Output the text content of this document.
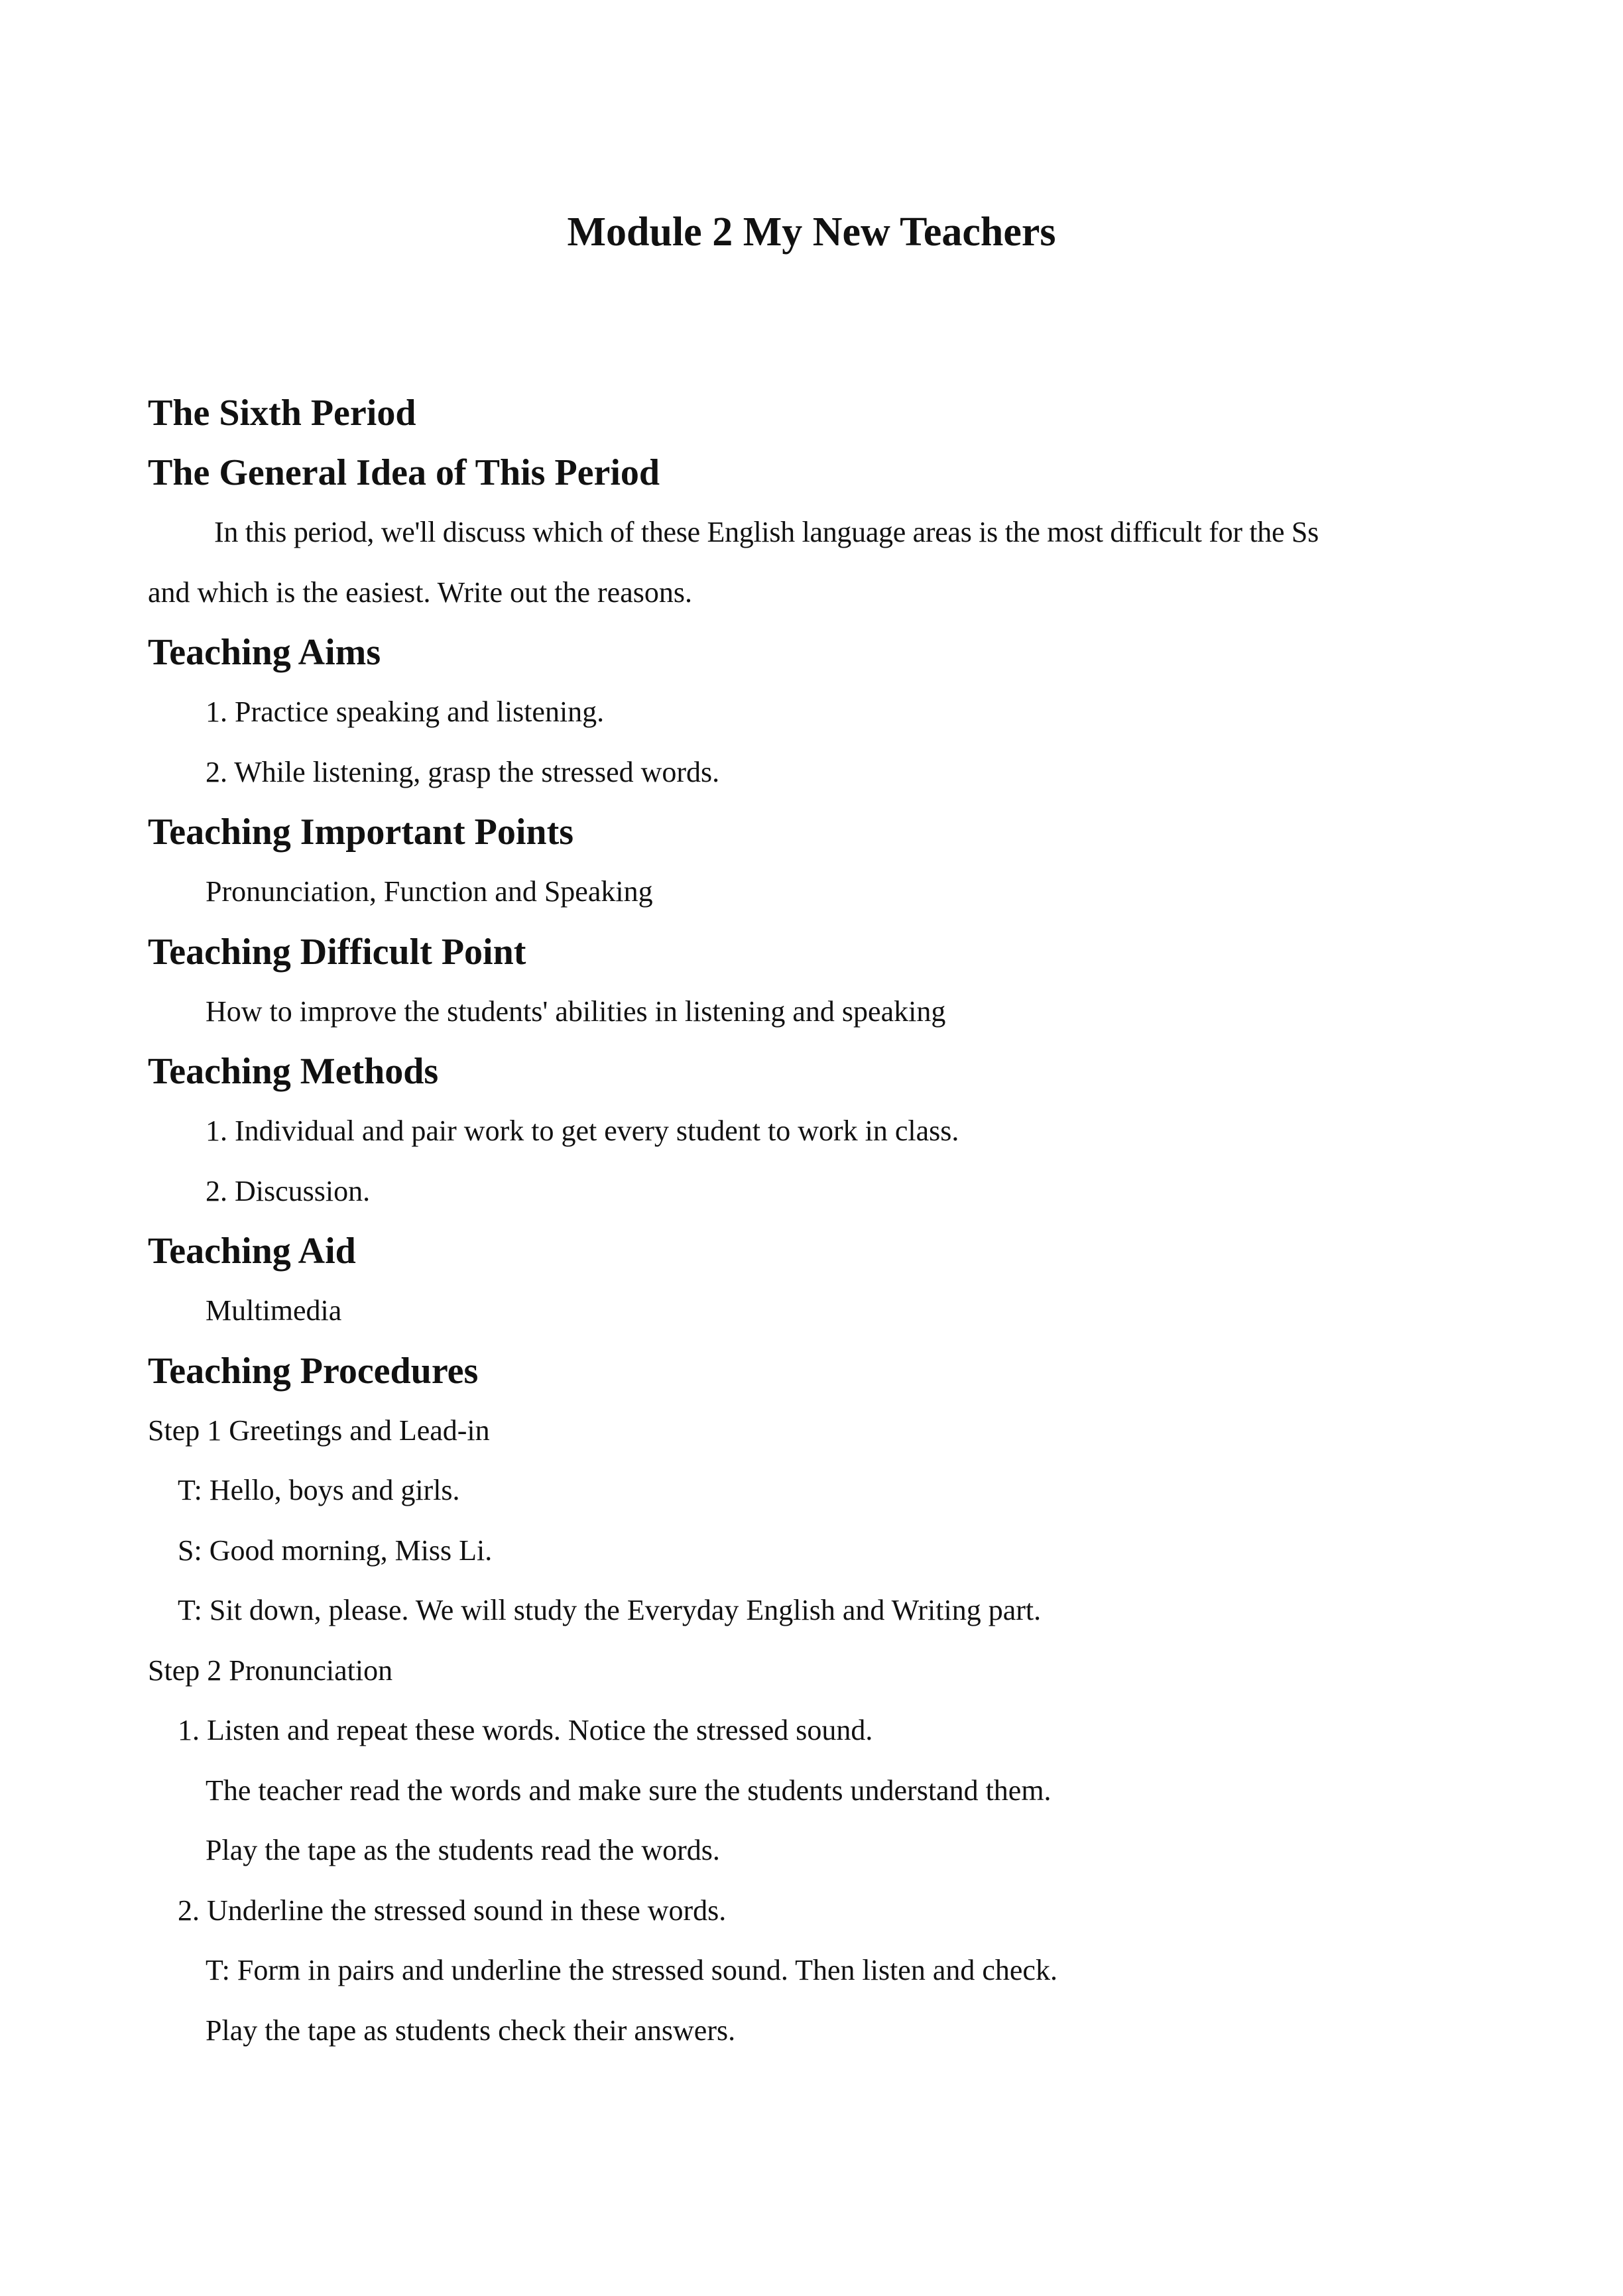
Module 2 My New Teachers
The Sixth Period
The General Idea of This Period
In this period, we'll discuss which of these English language areas is the most difficult for the Ss
and which is the easiest. Write out the reasons.
Teaching Aims
1. Practice speaking and listening.
2. While listening, grasp the stressed words.
Teaching Important Points
Pronunciation, Function and Speaking
Teaching Difficult Point
How to improve the students' abilities in listening and speaking
Teaching Methods
1. Individual and pair work to get every student to work in class.
2. Discussion.
Teaching Aid
Multimedia
Teaching Procedures
Step 1 Greetings and Lead-in
T: Hello, boys and girls.
S: Good morning, Miss Li.
T: Sit down, please. We will study the Everyday English and Writing part.
Step 2 Pronunciation
1. Listen and repeat these words. Notice the stressed sound.
The teacher read the words and make sure the students understand them.
Play the tape as the students read the words.
2. Underline the stressed sound in these words.
T: Form in pairs and underline the stressed sound. Then listen and check.
Play the tape as students check their answers.
